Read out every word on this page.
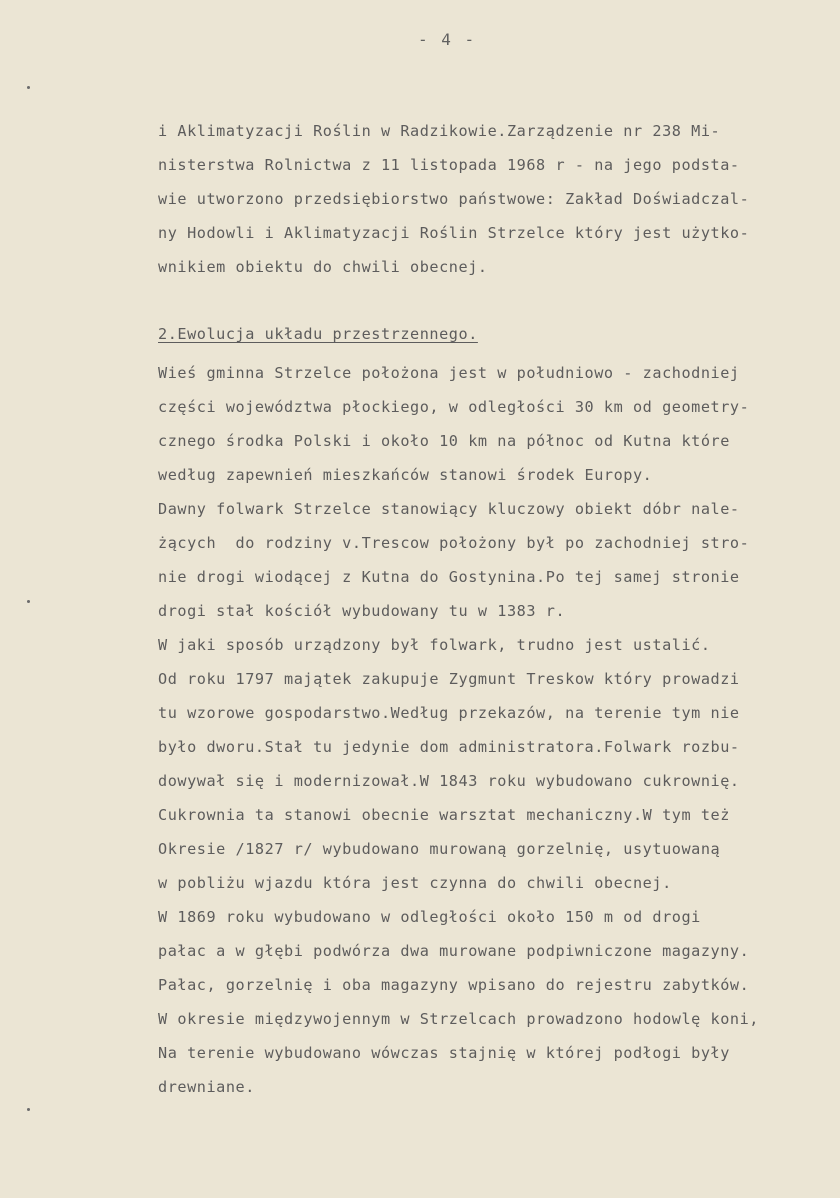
- 4 -
i Aklimatyzacji Roślin w Radzikowie.Zarządzenie nr 238 Mi-
nisterstwa Rolnictwa z 11 listopada 1968 r - na jego podsta-
wie utworzono przedsiębiorstwo państwowe: Zakład Doświadczal-
ny Hodowli i Aklimatyzacji Roślin Strzelce który jest użytko-
wnikiem obiektu do chwili obecnej.
2.Ewolucja układu przestrzennego.
Wieś gminna Strzelce położona jest w południowo - zachodniej
części województwa płockiego, w odległości 30 km od geometry-
cznego środka Polski i około 10 km na północ od Kutna które
według zapewnień mieszkańców stanowi środek Europy.
Dawny folwark Strzelce stanowiący kluczowy obiekt dóbr nale-
żących  do rodziny v.Trescow położony był po zachodniej stro-
nie drogi wiodącej z Kutna do Gostynina.Po tej samej stronie
drogi stał kościół wybudowany tu w 1383 r.
W jaki sposób urządzony był folwark, trudno jest ustalić.
Od roku 1797 majątek zakupuje Zygmunt Treskow który prowadzi
tu wzorowe gospodarstwo.Według przekazów, na terenie tym nie
było dworu.Stał tu jedynie dom administratora.Folwark rozbu-
dowywał się i modernizował.W 1843 roku wybudowano cukrownię.
Cukrownia ta stanowi obecnie warsztat mechaniczny.W tym też
Okresie /1827 r/ wybudowano murowaną gorzelnię, usytuowaną
w pobliżu wjazdu która jest czynna do chwili obecnej.
W 1869 roku wybudowano w odległości około 150 m od drogi
pałac a w głębi podwórza dwa murowane podpiwniczone magazyny.
Pałac, gorzelnię i oba magazyny wpisano do rejestru zabytków.
W okresie międzywojennym w Strzelcach prowadzono hodowlę koni,
Na terenie wybudowano wówczas stajnię w której podłogi były
drewniane.
